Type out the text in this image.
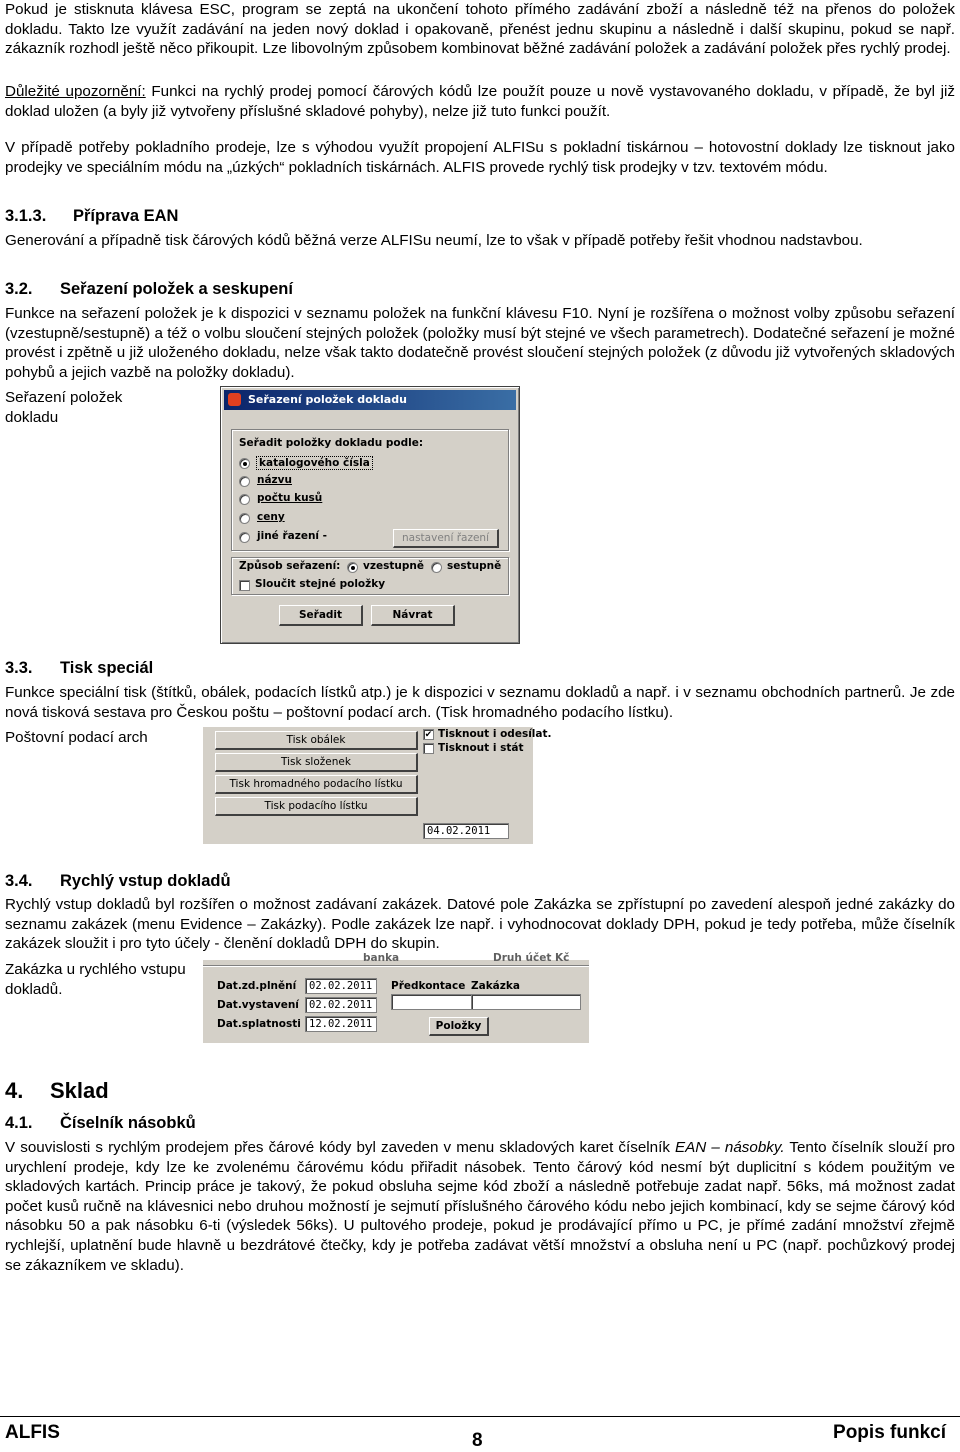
Pokud je stisknuta klávesa ESC, program se zeptá na ukončení tohoto přímého zadávání zboží a následně též na přenos do položek dokladu. Takto lze využít zadávání na jeden nový doklad i opakovaně, přenést jednu skupinu a následně i další skupinu, pokud se např. zákazník rozhodl ještě něco přikoupit. Lze libovolným způsobem kombinovat běžné zadávání položek a zadávání položek přes rychlý prodej.

Důležité upozornění: Funkci na rychlý prodej pomocí čárových kódů lze použít pouze u nově vystavovaného dokladu, v případě, že byl již doklad uložen (a byly již vytvořeny příslušné skladové pohyby), nelze již tuto funkci použít.

V případě potřeby pokladního prodeje, lze s výhodou využít propojení ALFISu s pokladní tiskárnou – hotovostní doklady lze tisknout jako prodejky ve speciálním módu na „úzkých“ pokladních tiskárnách. ALFIS provede rychlý tisk prodejky v tzv. textovém módu.

3.1.3. Příprava EAN

Generování a případně tisk čárových kódů běžná verze ALFISu neumí, lze to však v případě potřeby řešit vhodnou nadstavbou.

3.2. Seřazení položek a seskupení

Funkce na seřazení položek je k dispozici v seznamu položek na funkční klávesu F10. Nyní je rozšířena o možnost volby způsobu seřazení (vzestupně/sestupně) a též o volbu sloučení stejných položek (položky musí být stejné ve všech parametrech). Dodatečné seřazení je možné provést i zpětně u již uloženého dokladu, nelze však takto dodatečně provést sloučení stejných položek (z důvodu již vytvořených skladových pohybů a jejich vazbě na položky dokladu).

Seřazení položek dokladu

Seřazení položek dokladu
Seřadit položky dokladu podle:
katalogového čísla
názvu
počtu kusů
ceny
jiné řazení -	nastavení řazení
Způsob seřazení: vzestupně sestupně
Sloučit stejné položky
Seřadit	Návrat
3.3. Tisk speciál

Funkce speciální tisk (štítků, obálek, podacích lístků atp.) je k dispozici v seznamu dokladů a např. i v seznamu obchodních partnerů. Je zde nová tisková sestava pro Českou poštu – poštovní podací arch. (Tisk hromadného podacího lístku).

Poštovní podací arch	Tisk obálek
Tisk složenek
Tisk hromadného podacího lístku
Tisk podacího lístku
✔ Tisknout i odesílat.
Tisknout i stát
04.02.2011
3.4. Rychlý vstup dokladů

Rychlý vstup dokladů byl rozšířen o možnost zadávaní zakázek. Datové pole Zakázka se zpřístupní po zavedení alespoň jedné zakázky do seznamu zakázek (menu Evidence – Zakázky). Podle zakázek lze např. i vyhodnocovat doklady DPH, pokud je tedy potřeba, může číselník zakázek sloužit i pro tyto účely - členění dokladů DPH do skupin.

Zakázka u rychlého vstupu dokladů.

banka	Druh účet Kč
Dat.zd.plnění	02.02.2011
Dat.vystavení 02.02.2011
Dat.splatnosti 12.02.2011
Předkontace Zakázka
Položky
4. Sklad
4.1. Číselník násobků

V souvislosti s rychlým prodejem přes čárové kódy byl zaveden v menu skladových karet číselník EAN – násobky. Tento číselník slouží pro urychlení prodeje, kdy lze ke zvolenému čárovému kódu přiřadit násobek. Tento čárový kód nesmí být duplicitní s kódem použitým ve skladových kartách. Princip práce je takový, že pokud obsluha sejme kód zboží a následně potřebuje zadat např. 56ks, má možnost zadat počet kusů ručně na klávesnici nebo druhou možností je sejmutí příslušného čárového kódu nebo jejich kombinací, kdy se sejme čárový kód násobku 50 a pak násobku 6-ti (výsledek 56ks). U pultového prodeje, pokud je prodávající přímo u PC, je přímé zadání množství zřejmě rychlejší, uplatnění bude hlavně u bezdrátové čtečky, kdy je potřeba zadávat větší množství a obsluha není u PC (např. pochůzkový prodej se zákazníkem ve skladu).

ALFIS	8	Popis funkcí
